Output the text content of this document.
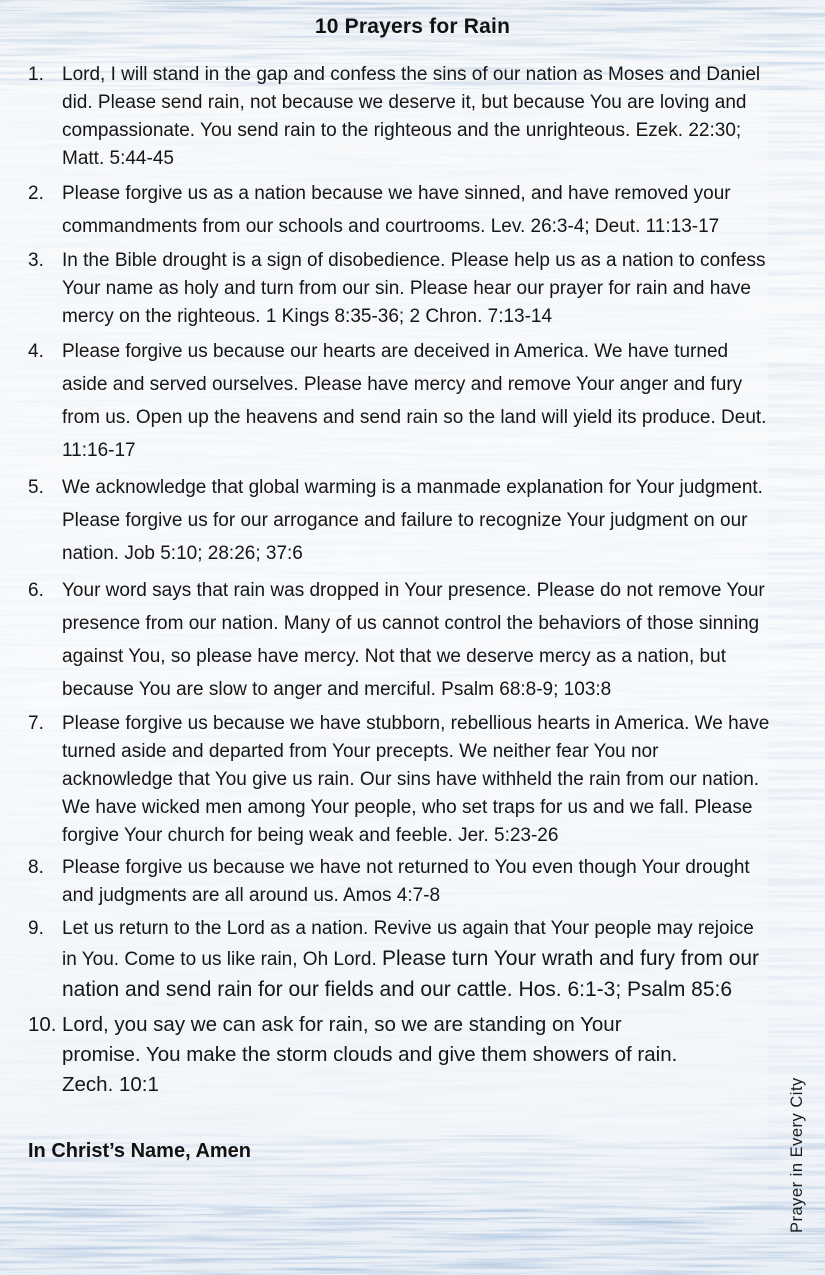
10 Prayers for Rain
1. Lord, I will stand in the gap and confess the sins of our nation as Moses and Daniel did. Please send rain, not because we deserve it, but because You are loving and compassionate. You send rain to the righteous and the unrighteous. Ezek. 22:30; Matt. 5:44-45
2. Please forgive us as a nation because we have sinned, and have removed your commandments from our schools and courtrooms. Lev. 26:3-4; Deut. 11:13-17
3. In the Bible drought is a sign of disobedience. Please help us as a nation to confess Your name as holy and turn from our sin. Please hear our prayer for rain and have mercy on the righteous. 1 Kings 8:35-36; 2 Chron. 7:13-14
4. Please forgive us because our hearts are deceived in America. We have turned aside and served ourselves. Please have mercy and remove Your anger and fury from us. Open up the heavens and send rain so the land will yield its produce. Deut. 11:16-17
5. We acknowledge that global warming is a manmade explanation for Your judgment. Please forgive us for our arrogance and failure to recognize Your judgment on our nation. Job 5:10; 28:26; 37:6
6. Your word says that rain was dropped in Your presence. Please do not remove Your presence from our nation. Many of us cannot control the behaviors of those sinning against You, so please have mercy. Not that we deserve mercy as a nation, but because You are slow to anger and merciful. Psalm 68:8-9; 103:8
7. Please forgive us because we have stubborn, rebellious hearts in America. We have turned aside and departed from Your precepts. We neither fear You nor acknowledge that You give us rain. Our sins have withheld the rain from our nation. We have wicked men among Your people, who set traps for us and we fall. Please forgive Your church for being weak and feeble. Jer. 5:23-26
8. Please forgive us because we have not returned to You even though Your drought and judgments are all around us. Amos 4:7-8
9. Let us return to the Lord as a nation. Revive us again that Your people may rejoice in You. Come to us like rain, Oh Lord. Please turn Your wrath and fury from our nation and send rain for our fields and our cattle. Hos. 6:1-3; Psalm 85:6
10. Lord, you say we can ask for rain, so we are standing on Your promise. You make the storm clouds and give them showers of rain. Zech. 10:1
In Christ’s Name, Amen	Prayer in Every City
